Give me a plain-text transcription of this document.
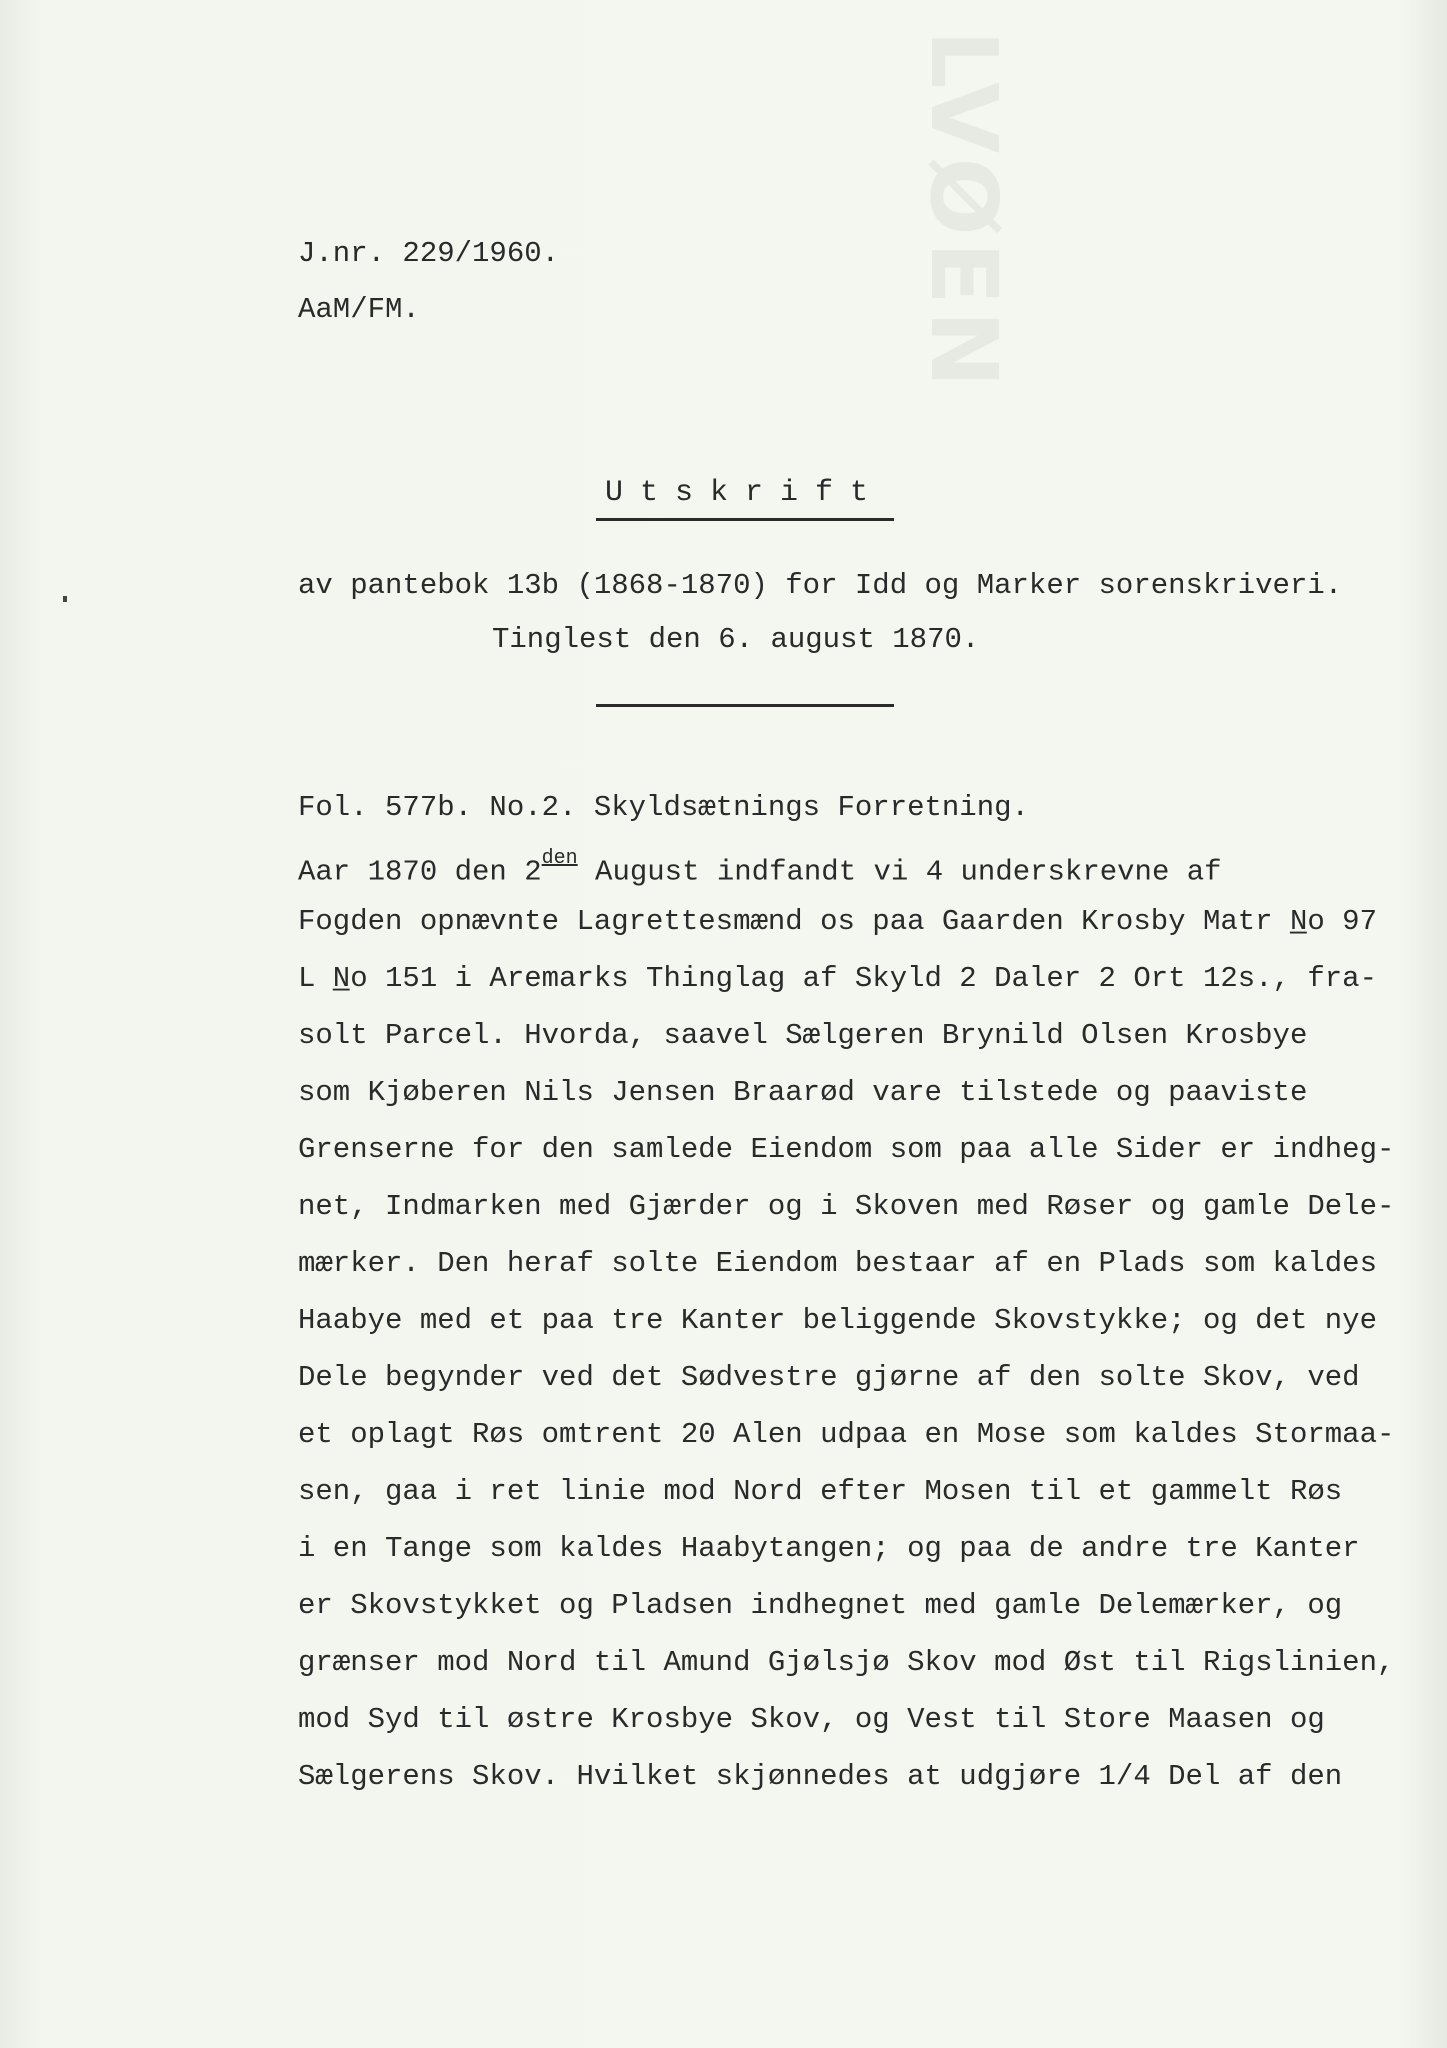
LVØEN
J.nr. 229/1960.
AaM/FM.
Utskrift
av pantebok 13b (1868-1870) for Idd og Marker sorenskriveri.
Tinglest den 6. august 1870.
Fol. 577b. No.2. Skyldsætnings Forretning.
Aar 1870 den $2^{den}$ August indfandt vi 4 underskrevne af
Fogden opnævnte Lagrettesmænd os paa Gaarden Krosby Matr N̲o 97
L N̲o 151 i Aremarks Thinglag af Skyld 2 Daler 2 Ort 12s., fra-
solt Parcel. Hvorda, saavel Sælgeren Brynild Olsen Krosbye
som Kjøberen Nils Jensen Braarød vare tilstede og paaviste
Grenserne for den samlede Eiendom som paa alle Sider er indheg-
net, Indmarken med Gjærder og i Skoven med Røser og gamle Dele-
mærker. Den heraf solte Eiendom bestaar af en Plads som kaldes
Haabye med et paa tre Kanter beliggende Skovstykke; og det nye
Dele begynder ved det Sødvestre gjørne af den solte Skov, ved
et oplagt Røs omtrent 20 Alen udpaa en Mose som kaldes Stormaa-
sen, gaa i ret linie mod Nord efter Mosen til et gammelt Røs
i en Tange som kaldes Haabytangen; og paa de andre tre Kanter
er Skovstykket og Pladsen indhegnet med gamle Delemærker, og
grænser mod Nord til Amund Gjølsjø Skov mod Øst til Rigslinien,
mod Syd til østre Krosbye Skov, og Vest til Store Maasen og
Sælgerens Skov. Hvilket skjønnedes at udgjøre 1/4 Del af den
